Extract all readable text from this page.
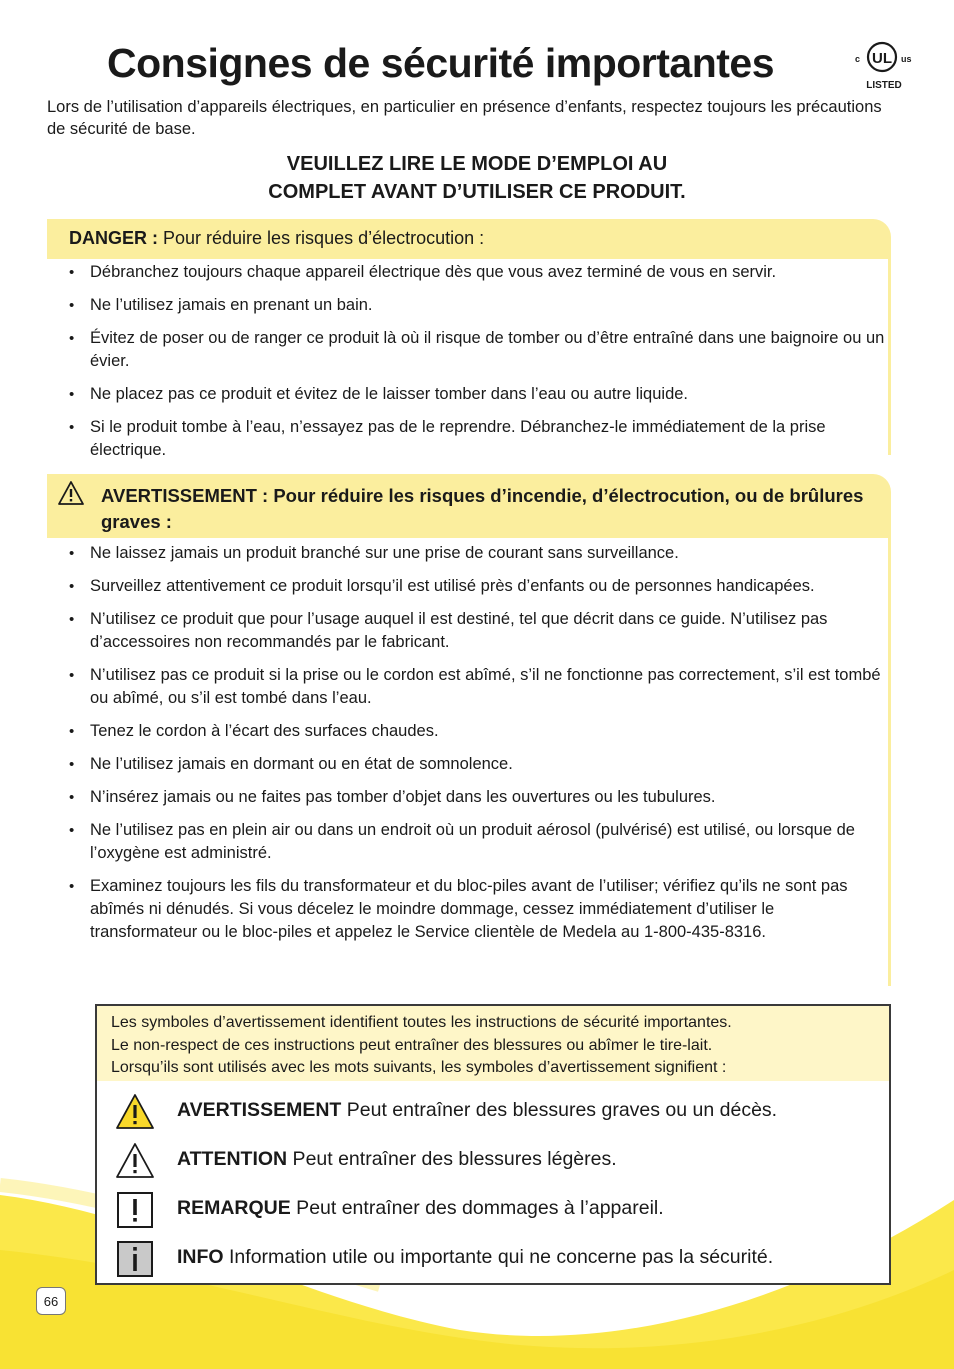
Consignes de sécurité importantes	UL
c	us
LISTED

Lors de l’utilisation d’appareils électriques, en particulier en présence d’enfants, respectez toujours les précautions de sécurité de base.

VEUILLEZ LIRE LE MODE D’EMPLOI AU
COMPLET AVANT D’UTILISER CE PRODUIT.
DANGER : Pour réduire les risques d’électrocution :
• Débranchez toujours chaque appareil électrique dès que vous avez terminé de vous en servir.
• Ne l’utilisez jamais en prenant un bain.
• Évitez de poser ou de ranger ce produit là où il risque de tomber ou d’être entraîné dans une baignoire ou un évier.
• Ne placez pas ce produit et évitez de le laisser tomber dans l’eau ou autre liquide.
• Si le produit tombe à l’eau, n’essayez pas de le reprendre. Débranchez-le immédiatement de la prise électrique.
AVERTISSEMENT : Pour réduire les risques d’incendie, d’électrocution, ou de brûlures graves :
• Ne laissez jamais un produit branché sur une prise de courant sans surveillance.
• Surveillez attentivement ce produit lorsqu’il est utilisé près d’enfants ou de personnes handicapées.
• N’utilisez ce produit que pour l’usage auquel il est destiné, tel que décrit dans ce guide. N’utilisez pas d’accessoires non recommandés par le fabricant.
• N’utilisez pas ce produit si la prise ou le cordon est abîmé, s’il ne fonctionne pas correctement, s’il est tombé ou abîmé, ou s’il est tombé dans l’eau.
• Tenez le cordon à l’écart des surfaces chaudes.
• Ne l’utilisez jamais en dormant ou en état de somnolence.
• N’insérez jamais ou ne faites pas tomber d’objet dans les ouvertures ou les tubulures.
• Ne l’utilisez pas en plein air ou dans un endroit où un produit aérosol (pulvérisé) est utilisé, ou lorsque de l’oxygène est administré.
• Examinez toujours les fils du transformateur et du bloc-piles avant de l’utiliser; vérifiez qu’ils ne sont pas abîmés ni dénudés. Si vous décelez le moindre dommage, cessez immédiatement d’utiliser le transformateur ou le bloc-piles et appelez le Service clientèle de Medela au 1-800-435-8316.
Les symboles d’avertissement identifient toutes les instructions de sécurité importantes.
Le non-respect de ces instructions peut entraîner des blessures ou abîmer le tire-lait.
Lorsqu’ils sont utilisés avec les mots suivants, les symboles d’avertissement signifient :
AVERTISSEMENT Peut entraîner des blessures graves ou un décès.
ATTENTION Peut entraîner des blessures légères.
REMARQUE Peut entraîner des dommages à l’appareil.
INFO Information utile ou importante qui ne concerne pas la sécurité.
66
